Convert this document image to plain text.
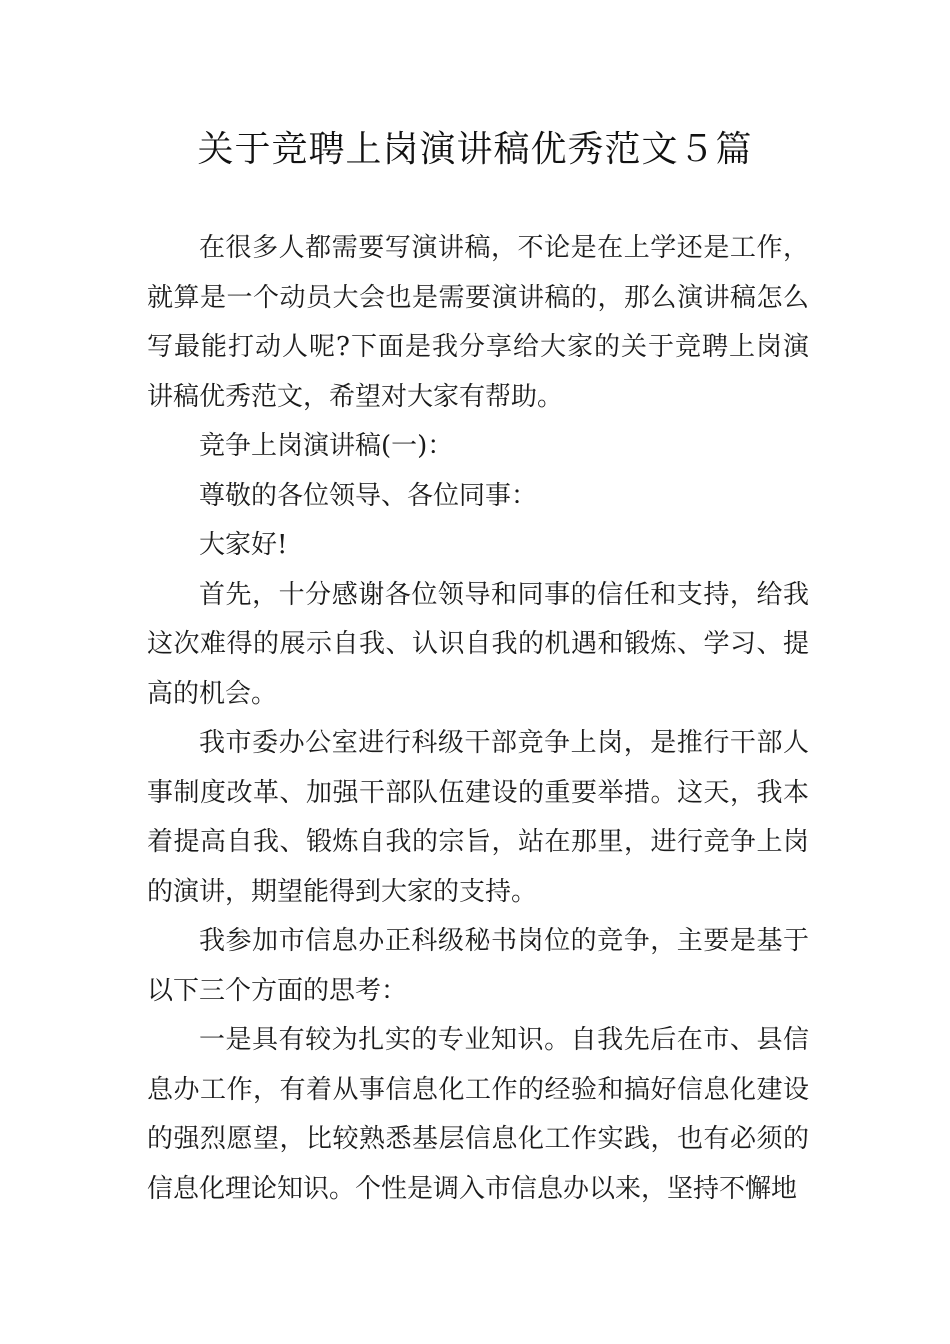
关于竞聘上岗演讲稿优秀范文５篇

在很多人都需要写演讲稿，不论是在上学还是工作，就算是一个动员大会也是需要演讲稿的，那么演讲稿怎么写最能打动人呢?下面是我分享给大家的关于竞聘上岗演讲稿优秀范文，希望对大家有帮助。

竞争上岗演讲稿(一)：

尊敬的各位领导、各位同事：

大家好!

首先，十分感谢各位领导和同事的信任和支持，给我这次难得的展示自我、认识自我的机遇和锻炼、学习、提高的机会。

我市委办公室进行科级干部竞争上岗，是推行干部人事制度改革、加强干部队伍建设的重要举措。这天，我本着提高自我、锻炼自我的宗旨，站在那里，进行竞争上岗的演讲，期望能得到大家的支持。

我参加市信息办正科级秘书岗位的竞争，主要是基于以下三个方面的思考：

一是具有较为扎实的专业知识。自我先后在市、县信息办工作，有着从事信息化工作的经验和搞好信息化建设的强烈愿望，比较熟悉基层信息化工作实践，也有必须的信息化理论知识。个性是调入市信息办以来，坚持不懈地
